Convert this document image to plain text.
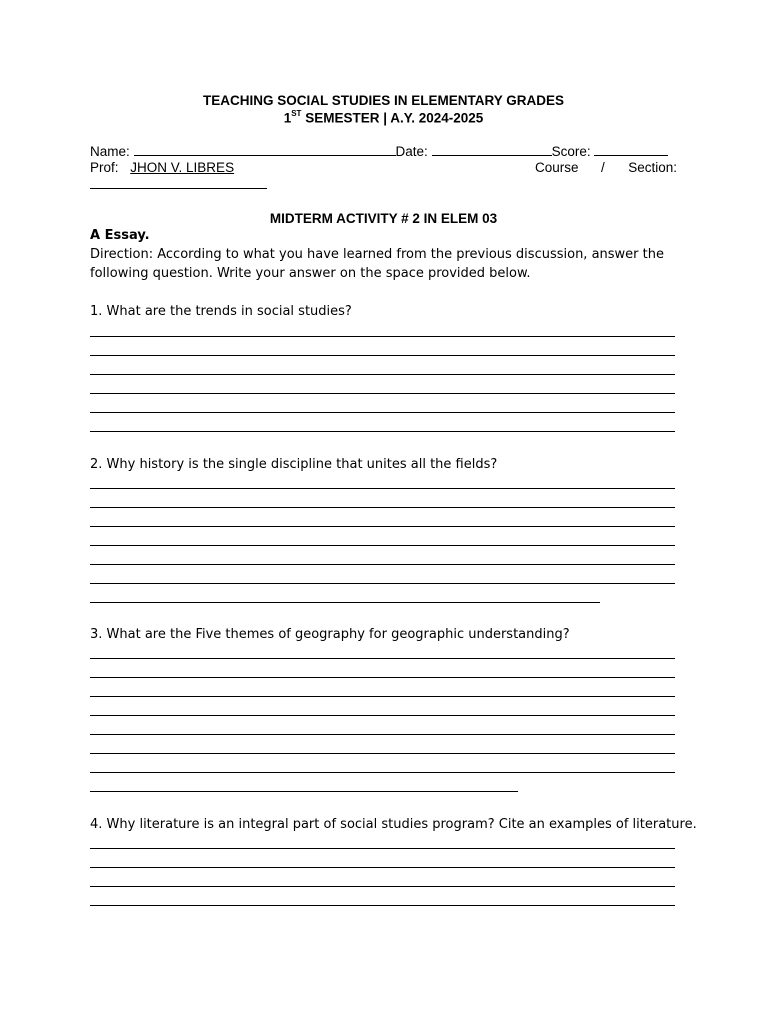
TEACHING SOCIAL STUDIES IN ELEMENTARY GRADES
1ST SEMESTER | A.Y. 2024-2025
Name:	Date:	Score:
Prof: JHON V. LIBRES	Course / Section:
MIDTERM ACTIVITY # 2 IN ELEM 03
A Essay.
Direction: According to what you have learned from the previous discussion, answer the following question. Write your answer on the space provided below.
1. What are the trends in social studies?
2. Why history is the single discipline that unites all the fields?
3. What are the Five themes of geography for geographic understanding?
4. Why literature is an integral part of social studies program? Cite an examples of literature.
